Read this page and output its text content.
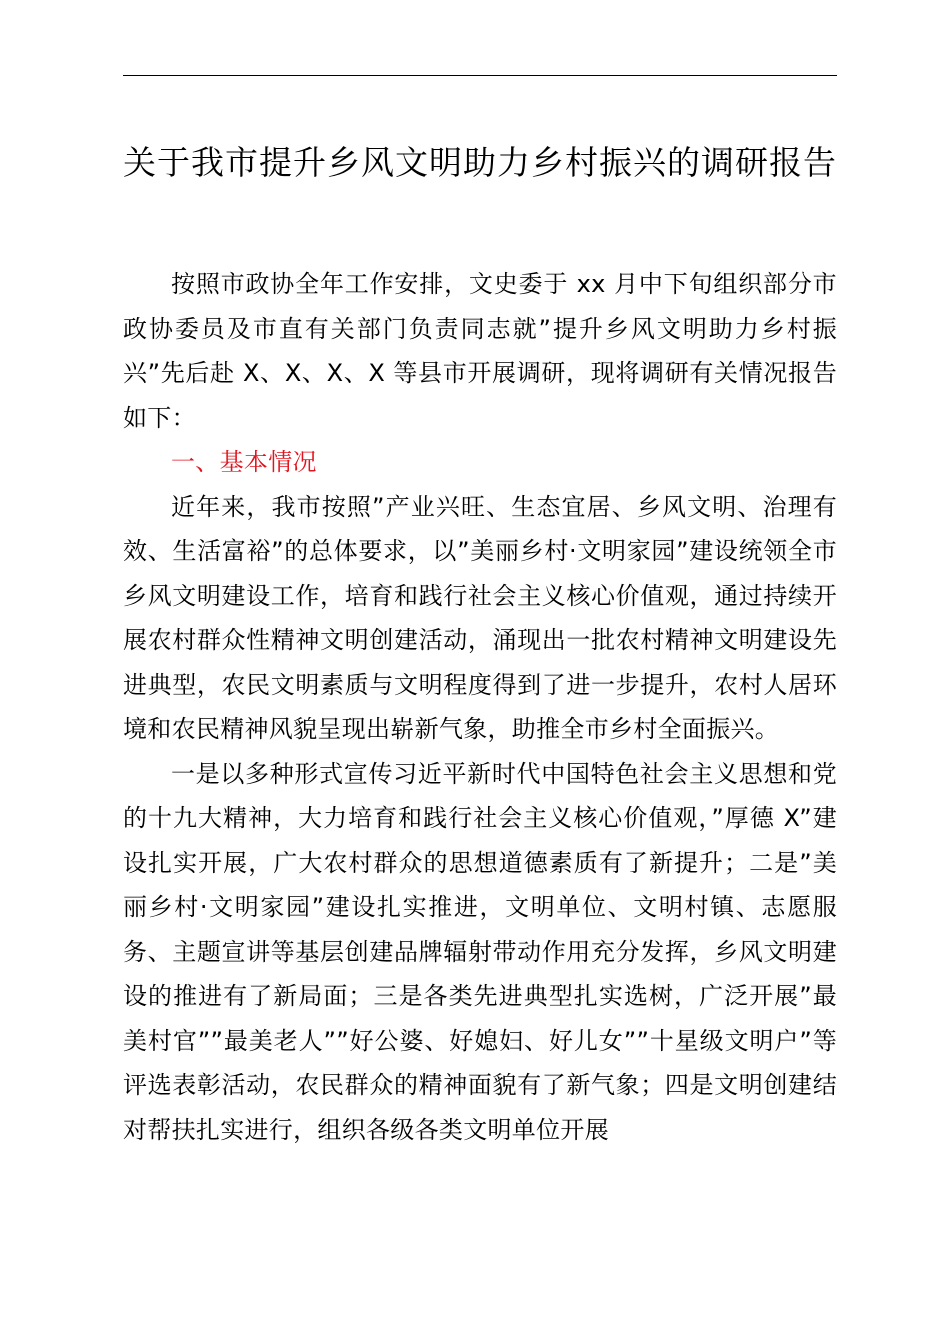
关于我市提升乡风文明助力乡村振兴的调研报告

按照市政协全年工作安排，文史委于 xx 月中下旬组织部分市政协委员及市直有关部门负责同志就”提升乡风文明助力乡村振兴”先后赴 X、X、X、X 等县市开展调研，现将调研有关情况报告如下：

一、基本情况

近年来，我市按照”产业兴旺、生态宜居、乡风文明、治理有效、生活富裕”的总体要求，以”美丽乡村·文明家园”建设统领全市乡风文明建设工作，培育和践行社会主义核心价值观，通过持续开展农村群众性精神文明创建活动，涌现出一批农村精神文明建设先进典型，农民文明素质与文明程度得到了进一步提升，农村人居环境和农民精神风貌呈现出崭新气象，助推全市乡村全面振兴。

一是以多种形式宣传习近平新时代中国特色社会主义思想和党的十九大精神，大力培育和践行社会主义核心价值观，”厚德 X”建设扎实开展，广大农村群众的思想道德素质有了新提升；二是”美丽乡村·文明家园”建设扎实推进，文明单位、文明村镇、志愿服务、主题宣讲等基层创建品牌辐射带动作用充分发挥，乡风文明建设的推进有了新局面；三是各类先进典型扎实选树，广泛开展”最美村官””最美老人””好公婆、好媳妇、好儿女””十星级文明户”等评选表彰活动，农民群众的精神面貌有了新气象；四是文明创建结对帮扶扎实进行，组织各级各类文明单位开展
